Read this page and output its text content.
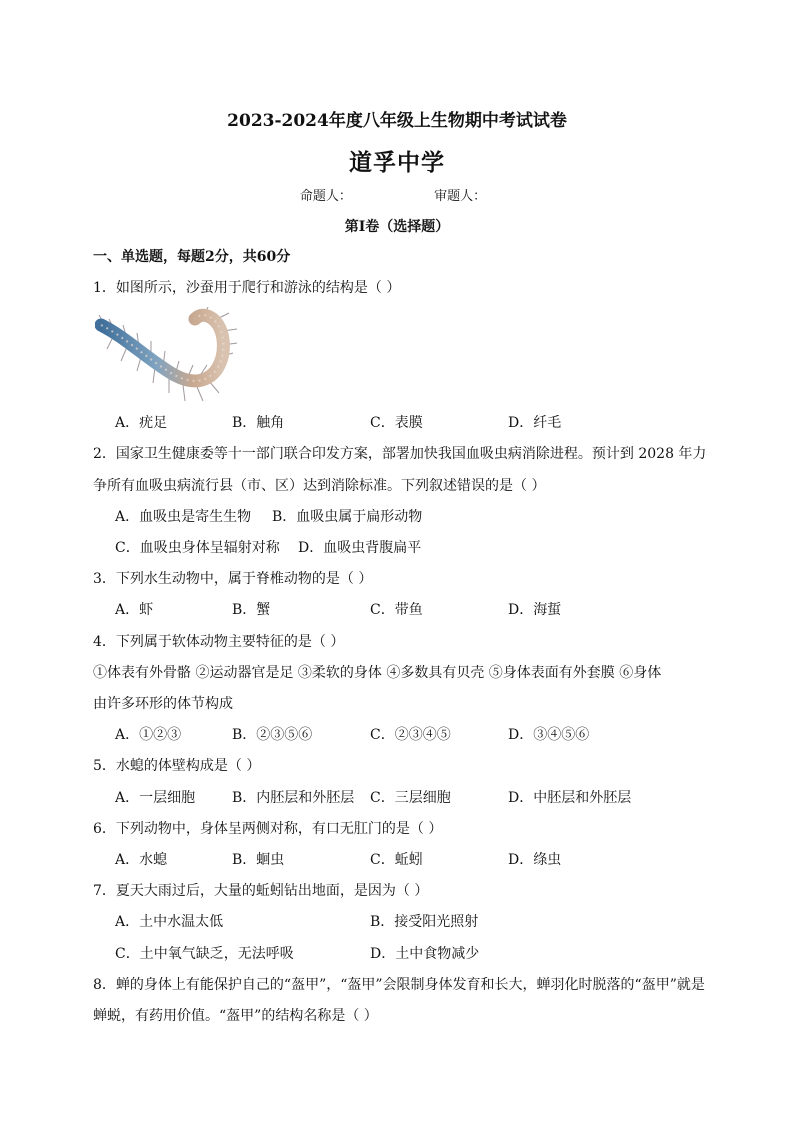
2023-2024年度八年级上生物期中考试试卷
道孚中学
命题人：	审题人：
第Ⅰ卷（选择题）
一、单选题，每题2分，共60分
1．如图所示，沙蚕用于爬行和游泳的结构是（ ）
A．疣足	B．触角	C．表膜	D．纤毛
2．国家卫生健康委等十一部门联合印发方案，部署加快我国血吸虫病消除进程。预计到 2028 年力
争所有血吸虫病流行县（市、区）达到消除标准。下列叙述错误的是（ ）
A．血吸虫是寄生生物 B．血吸虫属于扁形动物
C．血吸虫身体呈辐射对称 D．血吸虫背腹扁平
3．下列水生动物中，属于脊椎动物的是（ ）
A．虾	B．蟹	C．带鱼	D．海蜇
4．下列属于软体动物主要特征的是（ ）
①体表有外骨骼 ②运动器官是足 ③柔软的身体 ④多数具有贝壳 ⑤身体表面有外套膜 ⑥身体
由许多环形的体节构成
A．①②③	B．②③⑤⑥	C．②③④⑤	D．③④⑤⑥
5．水螅的体壁构成是（ ）
A．一层细胞	B．内胚层和外胚层 C．三层细胞	D．中胚层和外胚层
6．下列动物中，身体呈两侧对称，有口无肛门的是（ ）
A．水螅	B．蛔虫	C．蚯蚓	D．绦虫
7．夏天大雨过后，大量的蚯蚓钻出地面，是因为（ ）
A．土中水温太低	B．接受阳光照射
C．土中氧气缺乏，无法呼吸	D．土中食物减少
8．蝉的身体上有能保护自己的“盔甲”，“盔甲”会限制身体发育和长大，蝉羽化时脱落的“盔甲”就是
蝉蜕，有药用价值。“盔甲”的结构名称是（ ）
